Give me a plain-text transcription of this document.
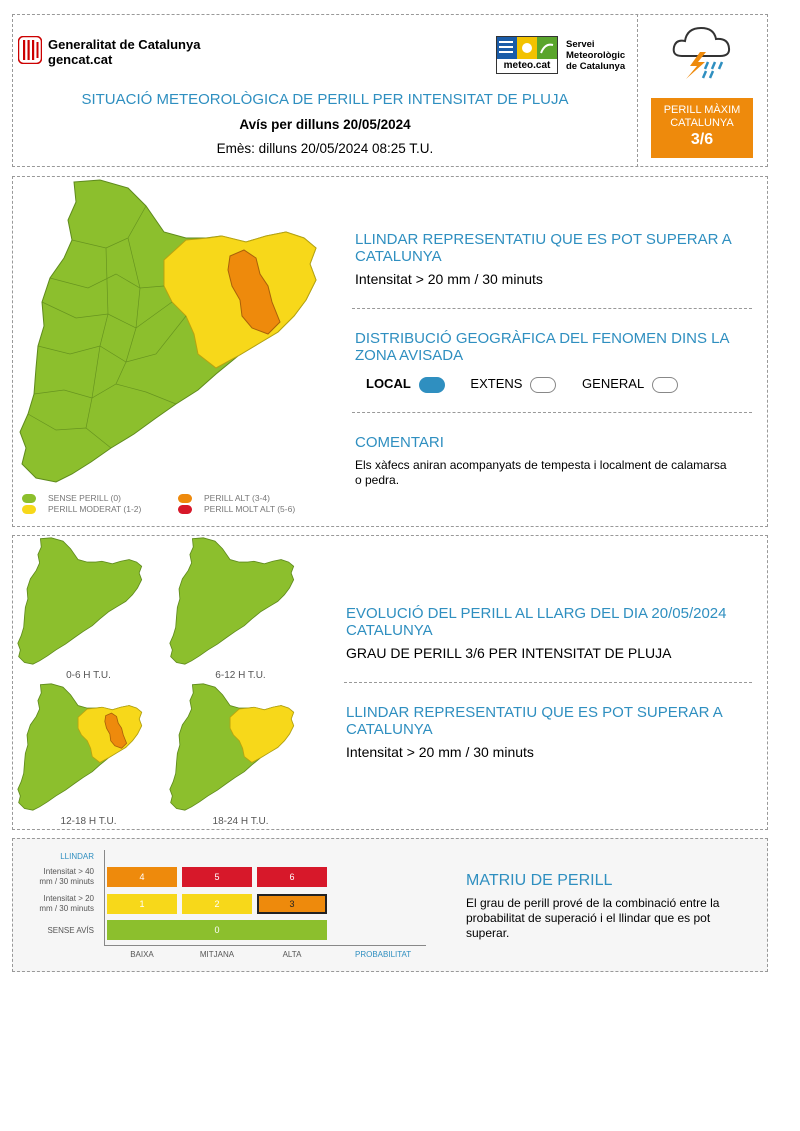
Generalitat de Catalunya
gencat.cat	meteo.cat
Servei
Meteorològic
de Catalunya
SITUACIÓ METEOROLÒGICA DE PERILL PER INTENSITAT DE PLUJA
Avís per dilluns 20/05/2024
Emès: dilluns 20/05/2024 08:25 T.U.
PERILL MÀXIM
CATALUNYA
3/6
SENSE PERILL (0)
PERILL MODERAT (1-2)
PERILL ALT (3-4)
PERILL MOLT ALT (5-6)
LLINDAR REPRESENTATIU QUE ES POT SUPERAR A CATALUNYA
Intensitat > 20 mm / 30 minuts
DISTRIBUCIÓ GEOGRÀFICA DEL FENOMEN DINS LA ZONA AVISADA
LOCAL	EXTENS	GENERAL
COMENTARI
Els xàfecs aniran acompanyats de tempesta i localment de calamarsa o pedra.
0-6 H T.U.	6-12 H T.U.
12-18 H T.U.	18-24 H T.U.
EVOLUCIÓ DEL PERILL AL LLARG DEL DIA 20/05/2024 CATALUNYA
GRAU DE PERILL 3/6 PER INTENSITAT DE PLUJA
LLINDAR REPRESENTATIU QUE ES POT SUPERAR A CATALUNYA
Intensitat > 20 mm / 30 minuts
LLINDAR
Intensitat > 40
mm / 30 minuts
Intensitat > 20
mm / 30 minuts
SENSE AVÍS
4	5	6
1	2	3
0
BAIXA	MITJANA	ALTA	PROBABILITAT
MATRIU DE PERILL
El grau de perill prové de la combinació entre la probabilitat de superació i el llindar que es pot superar.
